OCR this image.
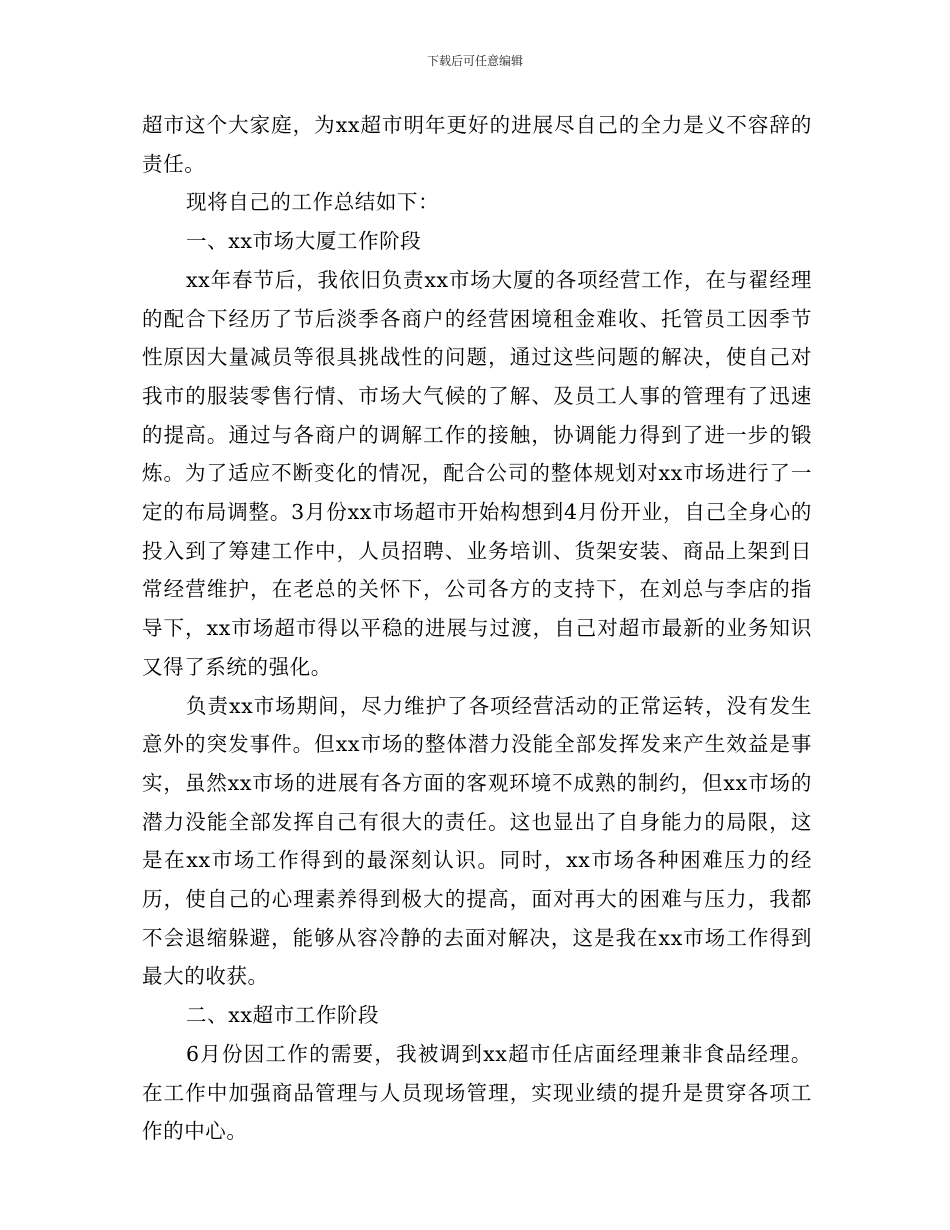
下载后可任意编辑

超市这个大家庭，为xx超市明年更好的进展尽自己的全力是义不容辞的责任。

现将自己的工作总结如下：

一、xx市场大厦工作阶段

xx年春节后，我依旧负责xx市场大厦的各项经营工作，在与翟经理的配合下经历了节后淡季各商户的经营困境租金难收、托管员工因季节性原因大量减员等很具挑战性的问题，通过这些问题的解决，使自己对我市的服装零售行情、市场大气候的了解、及员工人事的管理有了迅速的提高。通过与各商户的调解工作的接触，协调能力得到了进一步的锻炼。为了适应不断变化的情况，配合公司的整体规划对xx市场进行了一定的布局调整。3月份xx市场超市开始构想到4月份开业，自己全身心的投入到了筹建工作中，人员招聘、业务培训、货架安装、商品上架到日常经营维护，在老总的关怀下，公司各方的支持下，在刘总与李店的指导下，xx市场超市得以平稳的进展与过渡，自己对超市最新的业务知识又得了系统的强化。

负责xx市场期间，尽力维护了各项经营活动的正常运转，没有发生意外的突发事件。但xx市场的整体潜力没能全部发挥发来产生效益是事实，虽然xx市场的进展有各方面的客观环境不成熟的制约，但xx市场的潜力没能全部发挥自己有很大的责任。这也显出了自身能力的局限，这是在xx市场工作得到的最深刻认识。同时，xx市场各种困难压力的经历，使自己的心理素养得到极大的提高，面对再大的困难与压力，我都不会退缩躲避，能够从容冷静的去面对解决，这是我在xx市场工作得到最大的收获。

二、xx超市工作阶段

6月份因工作的需要，我被调到xx超市任店面经理兼非食品经理。在工作中加强商品管理与人员现场管理，实现业绩的提升是贯穿各项工作的中心。
